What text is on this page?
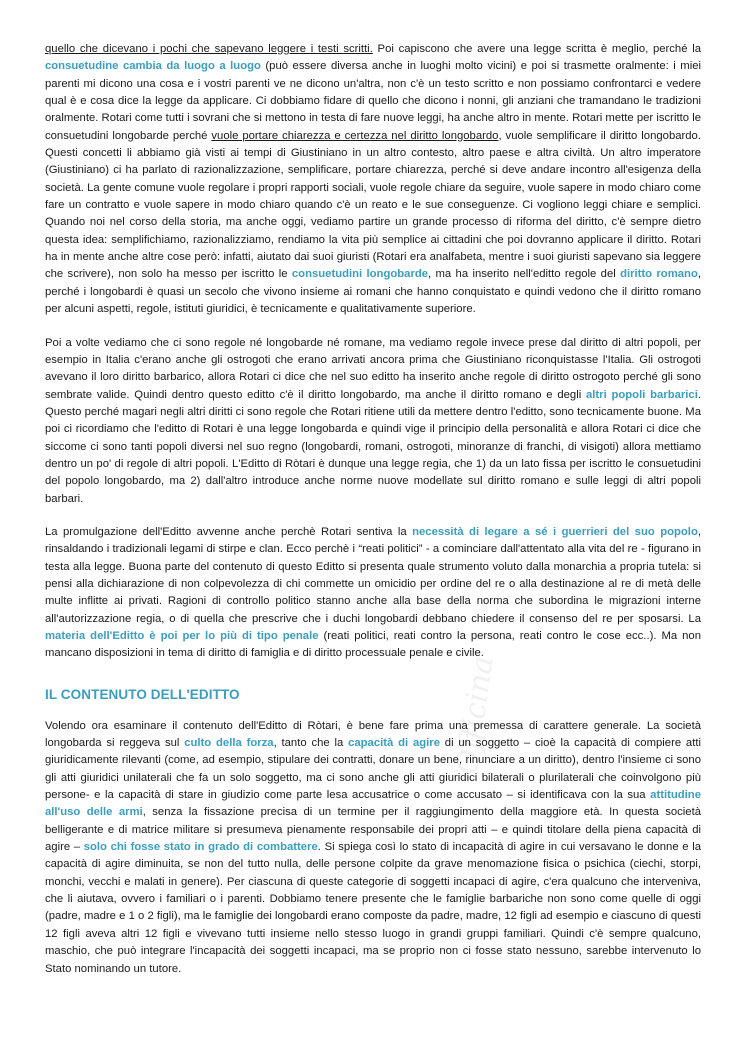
Officina

quello che dicevano i pochi che sapevano leggere i testi scritti. Poi capiscono che avere una legge scritta è meglio, perché la consuetudine cambia da luogo a luogo (può essere diversa anche in luoghi molto vicini) e poi si trasmette oralmente: i miei parenti mi dicono una cosa e i vostri parenti ve ne dicono un'altra, non c'è un testo scritto e non possiamo confrontarci e vedere qual è e cosa dice la legge da applicare. Ci dobbiamo fidare di quello che dicono i nonni, gli anziani che tramandano le tradizioni oralmente. Rotari come tutti i sovrani che si mettono in testa di fare nuove leggi, ha anche altro in mente. Rotari mette per iscritto le consuetudini longobarde perché vuole portare chiarezza e certezza nel diritto longobardo, vuole semplificare il diritto longobardo. Questi concetti li abbiamo già visti ai tempi di Giustiniano in un altro contesto, altro paese e altra civiltà. Un altro imperatore (Giustiniano) ci ha parlato di razionalizzazione, semplificare, portare chiarezza, perché si deve andare incontro all'esigenza della società. La gente comune vuole regolare i propri rapporti sociali, vuole regole chiare da seguire, vuole sapere in modo chiaro come fare un contratto e vuole sapere in modo chiaro quando c'è un reato e le sue conseguenze. Ci vogliono leggi chiare e semplici. Quando noi nel corso della storia, ma anche oggi, vediamo partire un grande processo di riforma del diritto, c'è sempre dietro questa idea: semplifichiamo, razionalizziamo, rendiamo la vita più semplice ai cittadini che poi dovranno applicare il diritto. Rotari ha in mente anche altre cose però: infatti, aiutato dai suoi giuristi (Rotari era analfabeta, mentre i suoi giuristi sapevano sia leggere che scrivere), non solo ha messo per iscritto le consuetudini longobarde, ma ha inserito nell'editto regole del diritto romano, perché i longobardi è quasi un secolo che vivono insieme ai romani che hanno conquistato e quindi vedono che il diritto romano per alcuni aspetti, regole, istituti giuridici, è tecnicamente e qualitativamente superiore.

Poi a volte vediamo che ci sono regole né longobarde né romane, ma vediamo regole invece prese dal diritto di altri popoli, per esempio in Italia c'erano anche gli ostrogoti che erano arrivati ancora prima che Giustiniano riconquistasse l'Italia. Gli ostrogoti avevano il loro diritto barbarico, allora Rotari ci dice che nel suo editto ha inserito anche regole di diritto ostrogoto perché gli sono sembrate valide. Quindi dentro questo editto c'è il diritto longobardo, ma anche il diritto romano e degli altri popoli barbarici. Questo perché magari negli altri diritti ci sono regole che Rotari ritiene utili da mettere dentro l'editto, sono tecnicamente buone. Ma poi ci ricordiamo che l'editto di Rotari è una legge longobarda e quindi vige il principio della personalità e allora Rotari ci dice che siccome ci sono tanti popoli diversi nel suo regno (longobardi, romani, ostrogoti, minoranze di franchi, di visigoti) allora mettiamo dentro un po' di regole di altri popoli. L'Editto di Ròtari è dunque una legge regia, che 1) da un lato fissa per iscritto le consuetudini del popolo longobardo, ma 2) dall'altro introduce anche norme nuove modellate sul diritto romano e sulle leggi di altri popoli barbari.

La promulgazione dell'Editto avvenne anche perchè Rotari sentiva la necessità di legare a sé i guerrieri del suo popolo, rinsaldando i tradizionali legami di stirpe e clan. Ecco perchè i “reati politici” - a cominciare dall'attentato alla vita del re - figurano in testa alla legge. Buona parte del contenuto di questo Editto si presenta quale strumento voluto dalla monarchia a propria tutela: si pensi alla dichiarazione di non colpevolezza di chi commette un omicidio per ordine del re o alla destinazione al re di metà delle multe inflitte ai privati. Ragioni di controllo politico stanno anche alla base della norma che subordina le migrazioni interne all'autorizzazione regia, o di quella che prescrive che i duchi longobardi debbano chiedere il consenso del re per sposarsi. La materia dell'Editto è poi per lo più di tipo penale (reati politici, reati contro la persona, reati contro le cose ecc..). Ma non mancano disposizioni in tema di diritto di famiglia e di diritto processuale penale e civile.

IL CONTENUTO DELL'EDITTO

Volendo ora esaminare il contenuto dell'Editto di Ròtari, è bene fare prima una premessa di carattere generale. La società longobarda si reggeva sul culto della forza, tanto che la capacità di agire di un soggetto – cioè la capacità di compiere atti giuridicamente rilevanti (come, ad esempio, stipulare dei contratti, donare un bene, rinunciare a un diritto), dentro l'insieme ci sono gli atti giuridici unilaterali che fa un solo soggetto, ma ci sono anche gli atti giuridici bilaterali o plurilaterali che coinvolgono più persone- e la capacità di stare in giudizio come parte lesa accusatrice o come accusato – si identificava con la sua attitudine all'uso delle armi, senza la fissazione precisa di un termine per il raggiungimento della maggiore età. In questa società belligerante e di matrice militare si presumeva pienamente responsabile dei propri atti – e quindi titolare della piena capacità di agire – solo chi fosse stato in grado di combattere. Si spiega così lo stato di incapacità di agire in cui versavano le donne e la capacità di agire diminuita, se non del tutto nulla, delle persone colpite da grave menomazione fisica o psichica (ciechi, storpi, monchi, vecchi e malati in genere). Per ciascuna di queste categorie di soggetti incapaci di agire, c'era qualcuno che interveniva, che li aiutava, ovvero i familiari o i parenti. Dobbiamo tenere presente che le famiglie barbariche non sono come quelle di oggi (padre, madre e 1 o 2 figli), ma le famiglie dei longobardi erano composte da padre, madre, 12 figli ad esempio e ciascuno di questi 12 figli aveva altri 12 figli e vivevano tutti insieme nello stesso luogo in grandi gruppi familiari. Quindi c'è sempre qualcuno, maschio, che può integrare l'incapacità dei soggetti incapaci, ma se proprio non ci fosse stato nessuno, sarebbe intervenuto lo Stato nominando un tutore.
